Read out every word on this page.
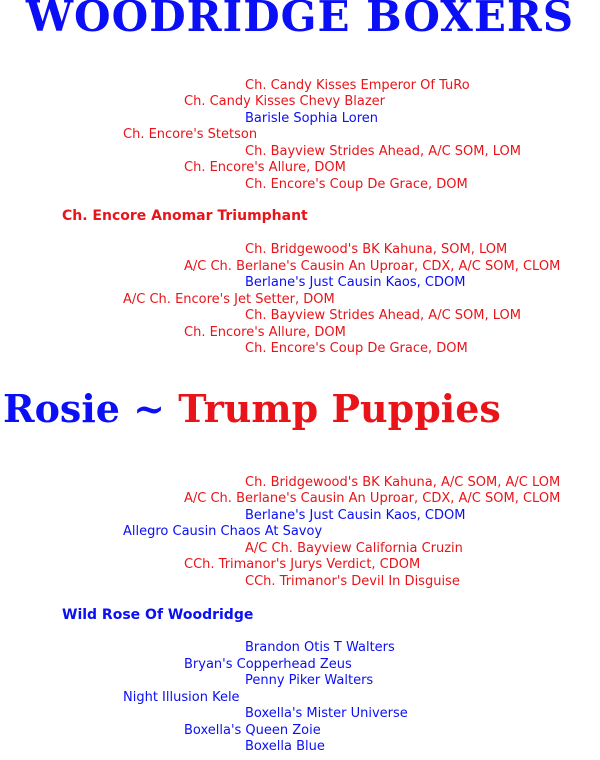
WOODRIDGE BOXERS
Ch. Candy Kisses Emperor Of TuRo
Ch. Candy Kisses Chevy Blazer
Barisle Sophia Loren
Ch. Encore's Stetson
Ch. Bayview Strides Ahead, A/C SOM, LOM
Ch. Encore's Allure, DOM
Ch. Encore's Coup De Grace, DOM
Ch. Encore Anomar Triumphant
Ch. Bridgewood's BK Kahuna, SOM, LOM
A/C Ch. Berlane's Causin An Uproar, CDX, A/C SOM, CLOM
Berlane's Just Causin Kaos, CDOM
A/C Ch. Encore's Jet Setter, DOM
Ch. Bayview Strides Ahead, A/C SOM, LOM
Ch. Encore's Allure, DOM
Ch. Encore's Coup De Grace, DOM
Rosie ~ Trump Puppies
Ch. Bridgewood's BK Kahuna, A/C SOM, A/C LOM
A/C Ch. Berlane's Causin An Uproar, CDX, A/C SOM, CLOM
Berlane's Just Causin Kaos, CDOM
Allegro Causin Chaos At Savoy
A/C Ch. Bayview California Cruzin
CCh. Trimanor's Jurys Verdict, CDOM
CCh. Trimanor's Devil In Disguise
Wild Rose Of Woodridge
Brandon Otis T Walters
Bryan's Copperhead Zeus
Penny Piker Walters
Night Illusion Kele
Boxella's Mister Universe
Boxella's Queen Zoie
Boxella Blue
